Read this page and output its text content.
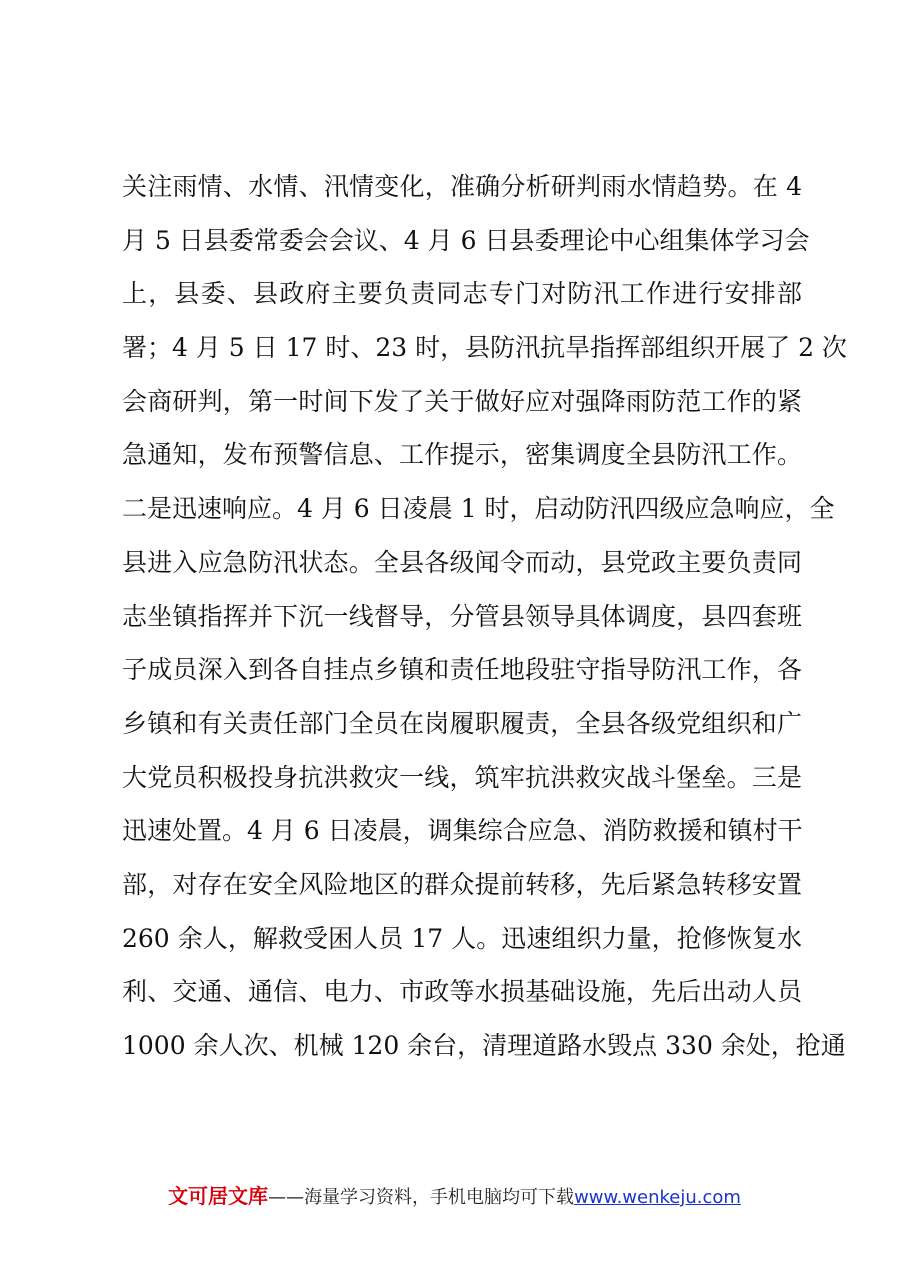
关注雨情、水情、汛情变化，准确分析研判雨水情趋势。在 4
月 5 日县委常委会会议、4 月 6 日县委理论中心组集体学习会
上，县委、县政府主要负责同志专门对防汛工作进行安排部
署；4 月 5 日 17 时、23 时，县防汛抗旱指挥部组织开展了 2 次
会商研判，第一时间下发了关于做好应对强降雨防范工作的紧
急通知，发布预警信息、工作提示，密集调度全县防汛工作。
二是迅速响应。4 月 6 日凌晨 1 时，启动防汛四级应急响应，全
县进入应急防汛状态。全县各级闻令而动，县党政主要负责同
志坐镇指挥并下沉一线督导，分管县领导具体调度，县四套班
子成员深入到各自挂点乡镇和责任地段驻守指导防汛工作，各
乡镇和有关责任部门全员在岗履职履责，全县各级党组织和广
大党员积极投身抗洪救灾一线，筑牢抗洪救灾战斗堡垒。三是
迅速处置。4 月 6 日凌晨，调集综合应急、消防救援和镇村干
部，对存在安全风险地区的群众提前转移，先后紧急转移安置
260 余人，解救受困人员 17 人。迅速组织力量，抢修恢复水
利、交通、通信、电力、市政等水损基础设施，先后出动人员
1000 余人次、机械 120 余台，清理道路水毁点 330 余处，抢通
文可居文库——海量学习资料，手机电脑均可下载www.wenkeju.com
